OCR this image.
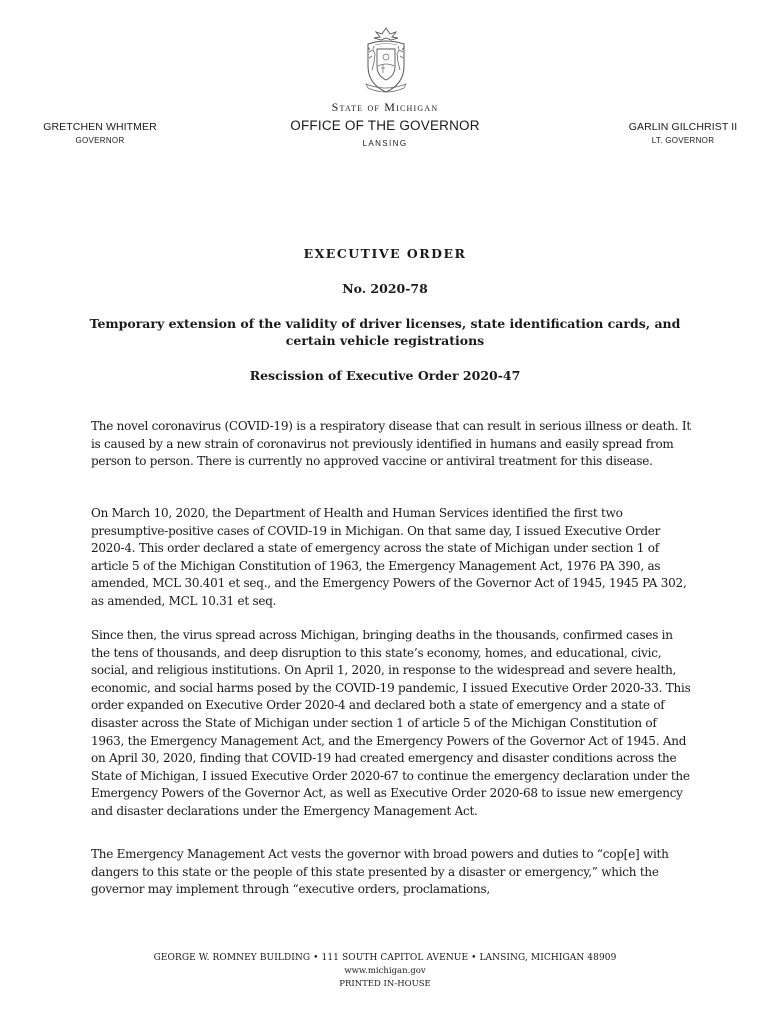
GRETCHEN WHITMER
GOVERNOR
State of Michigan
OFFICE OF THE GOVERNOR
LANSING
GARLIN GILCHRIST II
LT. GOVERNOR
EXECUTIVE ORDER
No. 2020-78
Temporary extension of the validity of driver licenses, state identification cards, and certain vehicle registrations
Rescission of Executive Order 2020-47
The novel coronavirus (COVID-19) is a respiratory disease that can result in serious illness or death. It is caused by a new strain of coronavirus not previously identified in humans and easily spread from person to person. There is currently no approved vaccine or antiviral treatment for this disease.
On March 10, 2020, the Department of Health and Human Services identified the first two presumptive-positive cases of COVID-19 in Michigan. On that same day, I issued Executive Order 2020-4. This order declared a state of emergency across the state of Michigan under section 1 of article 5 of the Michigan Constitution of 1963, the Emergency Management Act, 1976 PA 390, as amended, MCL 30.401 et seq., and the Emergency Powers of the Governor Act of 1945, 1945 PA 302, as amended, MCL 10.31 et seq.
Since then, the virus spread across Michigan, bringing deaths in the thousands, confirmed cases in the tens of thousands, and deep disruption to this state’s economy, homes, and educational, civic, social, and religious institutions. On April 1, 2020, in response to the widespread and severe health, economic, and social harms posed by the COVID-19 pandemic, I issued Executive Order 2020-33. This order expanded on Executive Order 2020-4 and declared both a state of emergency and a state of disaster across the State of Michigan under section 1 of article 5 of the Michigan Constitution of 1963, the Emergency Management Act, and the Emergency Powers of the Governor Act of 1945. And on April 30, 2020, finding that COVID-19 had created emergency and disaster conditions across the State of Michigan, I issued Executive Order 2020-67 to continue the emergency declaration under the Emergency Powers of the Governor Act, as well as Executive Order 2020-68 to issue new emergency and disaster declarations under the Emergency Management Act.
The Emergency Management Act vests the governor with broad powers and duties to “cop[e] with dangers to this state or the people of this state presented by a disaster or emergency,” which the governor may implement through “executive orders, proclamations,
GEORGE W. ROMNEY BUILDING • 111 SOUTH CAPITOL AVENUE • LANSING, MICHIGAN 48909
www.michigan.gov
PRINTED IN-HOUSE
